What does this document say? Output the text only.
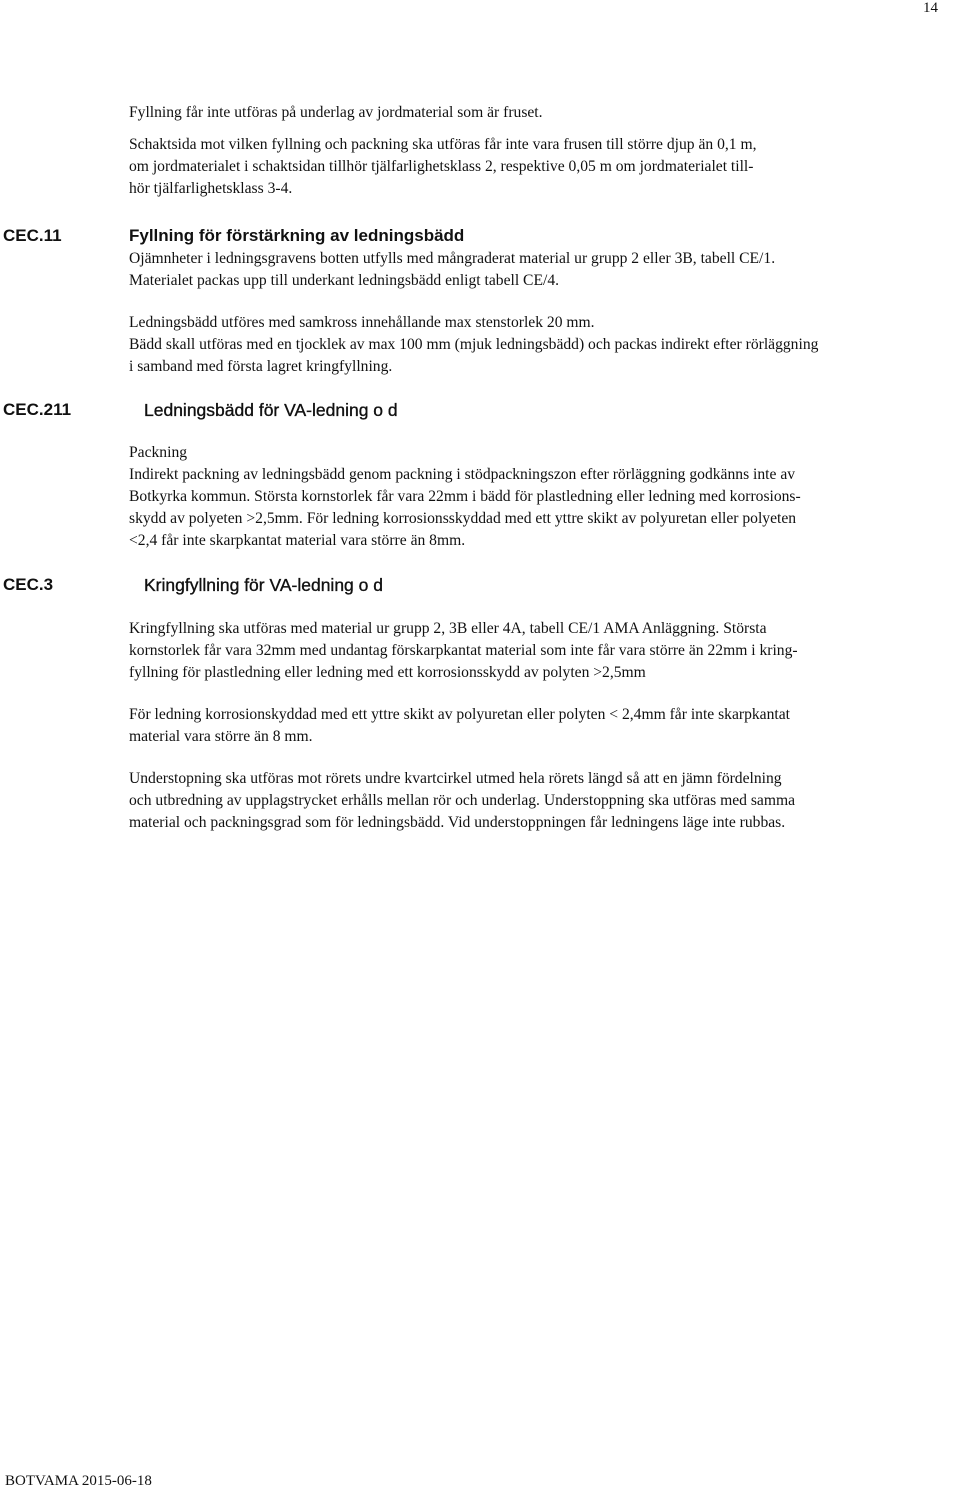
14

Fyllning får inte utföras på underlag av jordmaterial som är fruset.

Schaktsida mot vilken fyllning och packning ska utföras får inte vara frusen till större djup än 0,1 m,
om jordmaterialet i schaktsidan tillhör tjälfarlighetsklass 2, respektive 0,05 m om jordmaterialet till-
hör tjälfarlighetsklass 3-4.

CEC.11	Fyllning för förstärkning av ledningsbädd

Ojämnheter i ledningsgravens botten utfylls med mångraderat material ur grupp 2 eller 3B, tabell CE/1.
Materialet packas upp till underkant ledningsbädd enligt tabell CE/4.

Ledningsbädd utföres med samkross innehållande max stenstorlek 20 mm.
Bädd skall utföras med en tjocklek av max 100 mm (mjuk ledningsbädd) och packas indirekt efter rörläggning
i samband med första lagret kringfyllning.

CEC.211	Ledningsbädd för VA-ledning o d

Packning
Indirekt packning av ledningsbädd genom packning i stödpackningszon efter rörläggning godkänns inte av
Botkyrka kommun. Största kornstorlek får vara 22mm i bädd för plastledning eller ledning med korrosions-
skydd av polyeten >2,5mm. För ledning korrosionsskyddad med ett yttre skikt av polyuretan eller polyeten
<2,4 får inte skarpkantat material vara större än 8mm.

CEC.3	Kringfyllning för VA-ledning o d

Kringfyllning ska utföras med material ur grupp 2, 3B eller 4A, tabell CE/1 AMA Anläggning. Största
kornstorlek får vara 32mm med undantag förskarpkantat material som inte får vara större än 22mm i kring-
fyllning för plastledning eller ledning med ett korrosionsskydd av polyten >2,5mm

För ledning korrosionskyddad med ett yttre skikt av polyuretan eller polyten < 2,4mm får inte skarpkantat
material vara större än 8 mm.

Understopning ska utföras mot rörets undre kvartcirkel utmed hela rörets längd så att en jämn fördelning
och utbredning av upplagstrycket erhålls mellan rör och underlag. Understoppning ska utföras med samma
material och packningsgrad som för ledningsbädd. Vid understoppningen får ledningens läge inte rubbas.

BOTVAMA 2015-06-18
